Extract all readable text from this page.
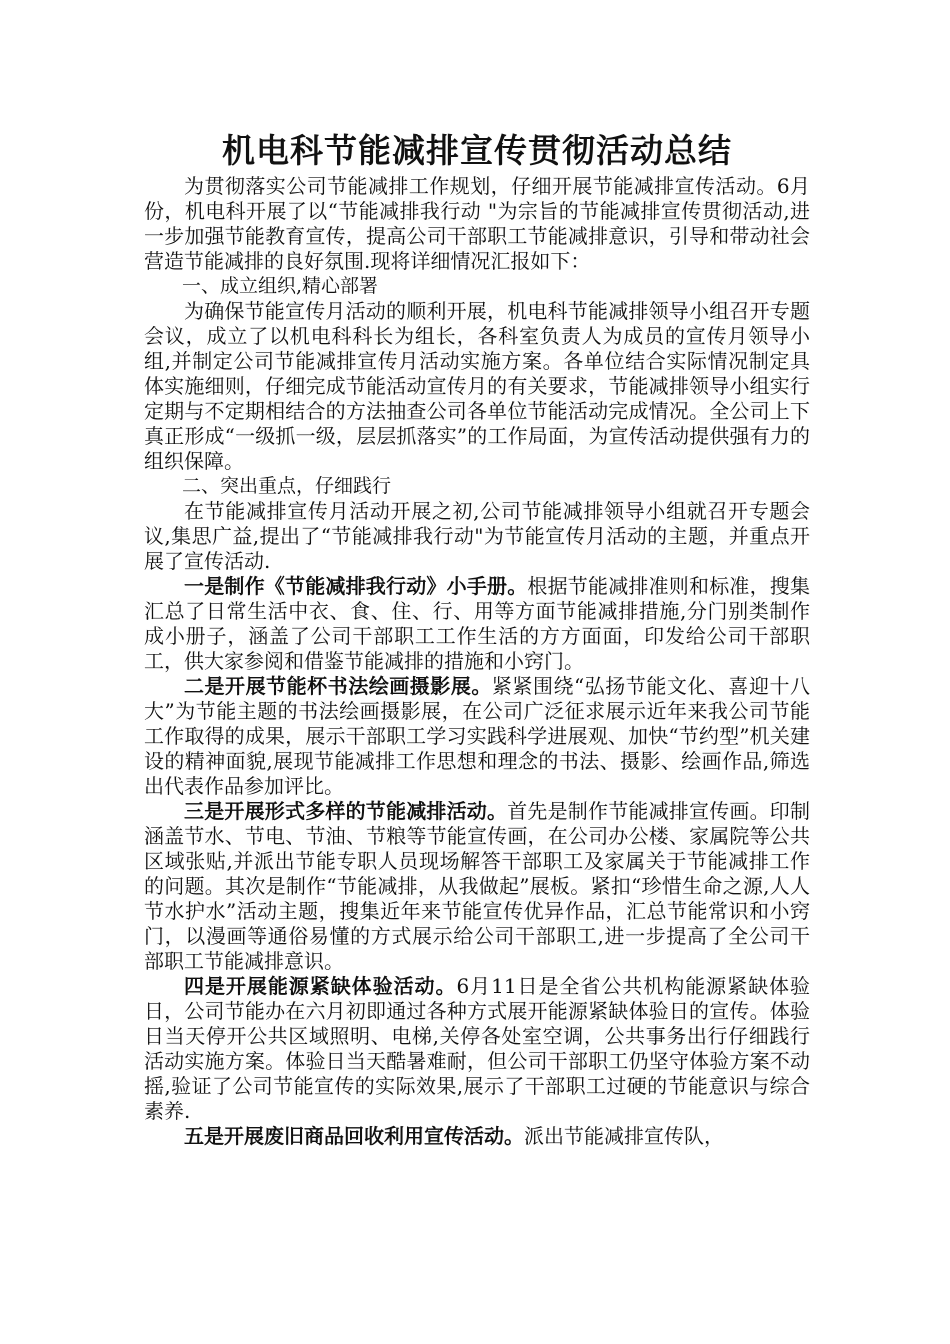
机电科节能减排宣传贯彻活动总结

为贯彻落实公司节能减排工作规划，仔细开展节能减排宣传活动。6月份，机电科开展了以“节能减排我行动 "为宗旨的节能减排宣传贯彻活动,进一步加强节能教育宣传，提高公司干部职工节能减排意识，引导和带动社会营造节能减排的良好氛围.现将详细情况汇报如下：

一、成立组织,精心部署

为确保节能宣传月活动的顺利开展，机电科节能减排领导小组召开专题会议，成立了以机电科科长为组长，各科室负责人为成员的宣传月领导小组,并制定公司节能减排宣传月活动实施方案。各单位结合实际情况制定具体实施细则，仔细完成节能活动宣传月的有关要求，节能减排领导小组实行定期与不定期相结合的方法抽查公司各单位节能活动完成情况。全公司上下真正形成“一级抓一级，层层抓落实”的工作局面，为宣传活动提供强有力的组织保障。

二、突出重点，仔细践行

在节能减排宣传月活动开展之初,公司节能减排领导小组就召开专题会议,集思广益,提出了“节能减排我行动"为节能宣传月活动的主题，并重点开展了宣传活动.

一是制作《节能减排我行动》小手册。根据节能减排准则和标准，搜集汇总了日常生活中衣、食、住、行、用等方面节能减排措施,分门别类制作成小册子，涵盖了公司干部职工工作生活的方方面面，印发给公司干部职工，供大家参阅和借鉴节能减排的措施和小窍门。

二是开展节能杯书法绘画摄影展。紧紧围绕“弘扬节能文化、喜迎十八大”为节能主题的书法绘画摄影展，在公司广泛征求展示近年来我公司节能工作取得的成果，展示干部职工学习实践科学进展观、加快“节约型”机关建设的精神面貌,展现节能减排工作思想和理念的书法、摄影、绘画作品,筛选出代表作品参加评比。

三是开展形式多样的节能减排活动。首先是制作节能减排宣传画。印制涵盖节水、节电、节油、节粮等节能宣传画，在公司办公楼、家属院等公共区域张贴,并派出节能专职人员现场解答干部职工及家属关于节能减排工作的问题。其次是制作“节能减排，从我做起”展板。紧扣“珍惜生命之源,人人节水护水”活动主题，搜集近年来节能宣传优异作品，汇总节能常识和小窍门，以漫画等通俗易懂的方式展示给公司干部职工,进一步提高了全公司干部职工节能减排意识。

四是开展能源紧缺体验活动。6月11日是全省公共机构能源紧缺体验日，公司节能办在六月初即通过各种方式展开能源紧缺体验日的宣传。体验日当天停开公共区域照明、电梯,关停各处室空调，公共事务出行仔细践行活动实施方案。体验日当天酷暑难耐，但公司干部职工仍坚守体验方案不动摇,验证了公司节能宣传的实际效果,展示了干部职工过硬的节能意识与综合素养.

五是开展废旧商品回收利用宣传活动。派出节能减排宣传队，
